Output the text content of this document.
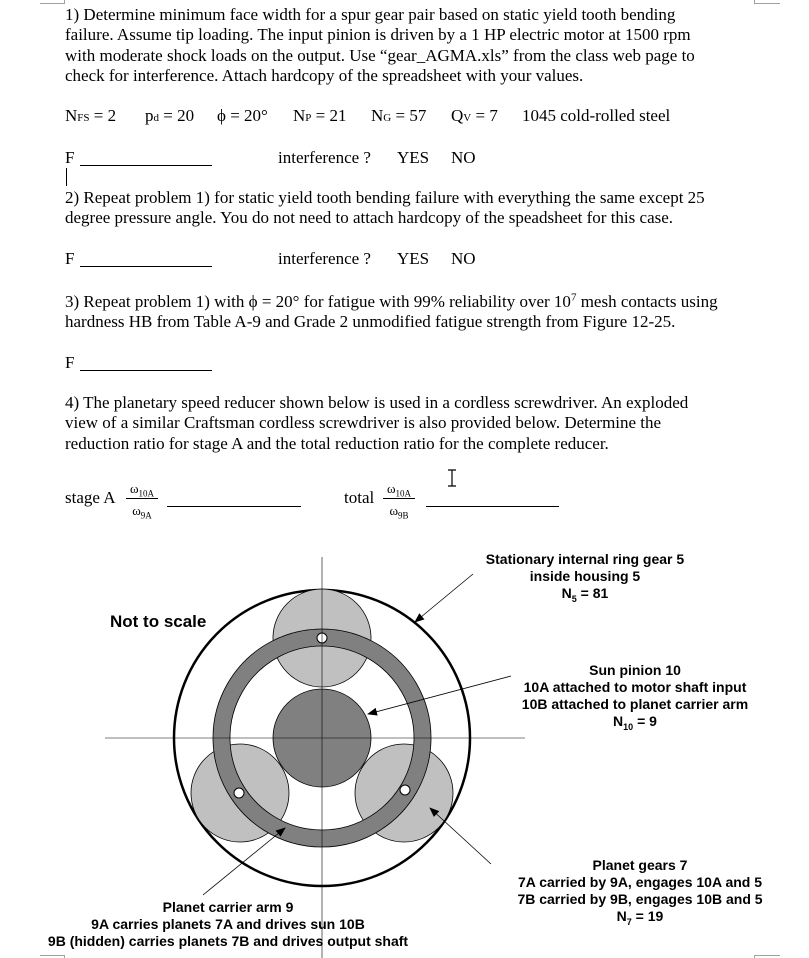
1) Determine minimum face width for a spur gear pair based on static yield tooth bending
failure. Assume tip loading. The input pinion is driven by a 1 HP electric motor at 1500 rpm
with moderate shock loads on the output. Use “gear_AGMA.xls” from the class web page to
check for interference. Attach hardcopy of the spreadsheet with your values.
NFS = 2 pd = 20 ϕ = 20° NP = 21 NG = 57 QV = 7 1045 cold-rolled steel
F	interference ? YES NO
2) Repeat problem 1) for static yield tooth bending failure with everything the same except 25
degree pressure angle. You do not need to attach hardcopy of the speadsheet for this case.
F	interference ? YES NO
3) Repeat problem 1) with ϕ = 20° for fatigue with 99% reliability over $10^7$ mesh contacts using
hardness HB from Table A-9 and Grade 2 unmodified fatigue strength from Figure 12-25.
F
4) The planetary speed reducer shown below is used in a cordless screwdriver. An exploded
view of a similar Craftsman cordless screwdriver is also provided below. Determine the
reduction ratio for stage A and the total reduction ratio for the complete reducer.
stage A $\frac{\omega_{10A}}{\omega_{9A}}$	total $\frac{\omega_{10A}}{\omega_{9B}}$
Not to scale
Stationary internal ring gear 5
inside housing 5
$N_5 = 81$
Sun pinion 10
10A attached to motor shaft input
10B attached to planet carrier arm
$N_{10} = 9$
Planet gears 7
7A carried by 9A, engages 10A and 5
7B carried by 9B, engages 10B and 5
$N_7 = 19$
Planet carrier arm 9
9A carries planets 7A and drives sun 10B
9B (hidden) carries planets 7B and drives output shaft
